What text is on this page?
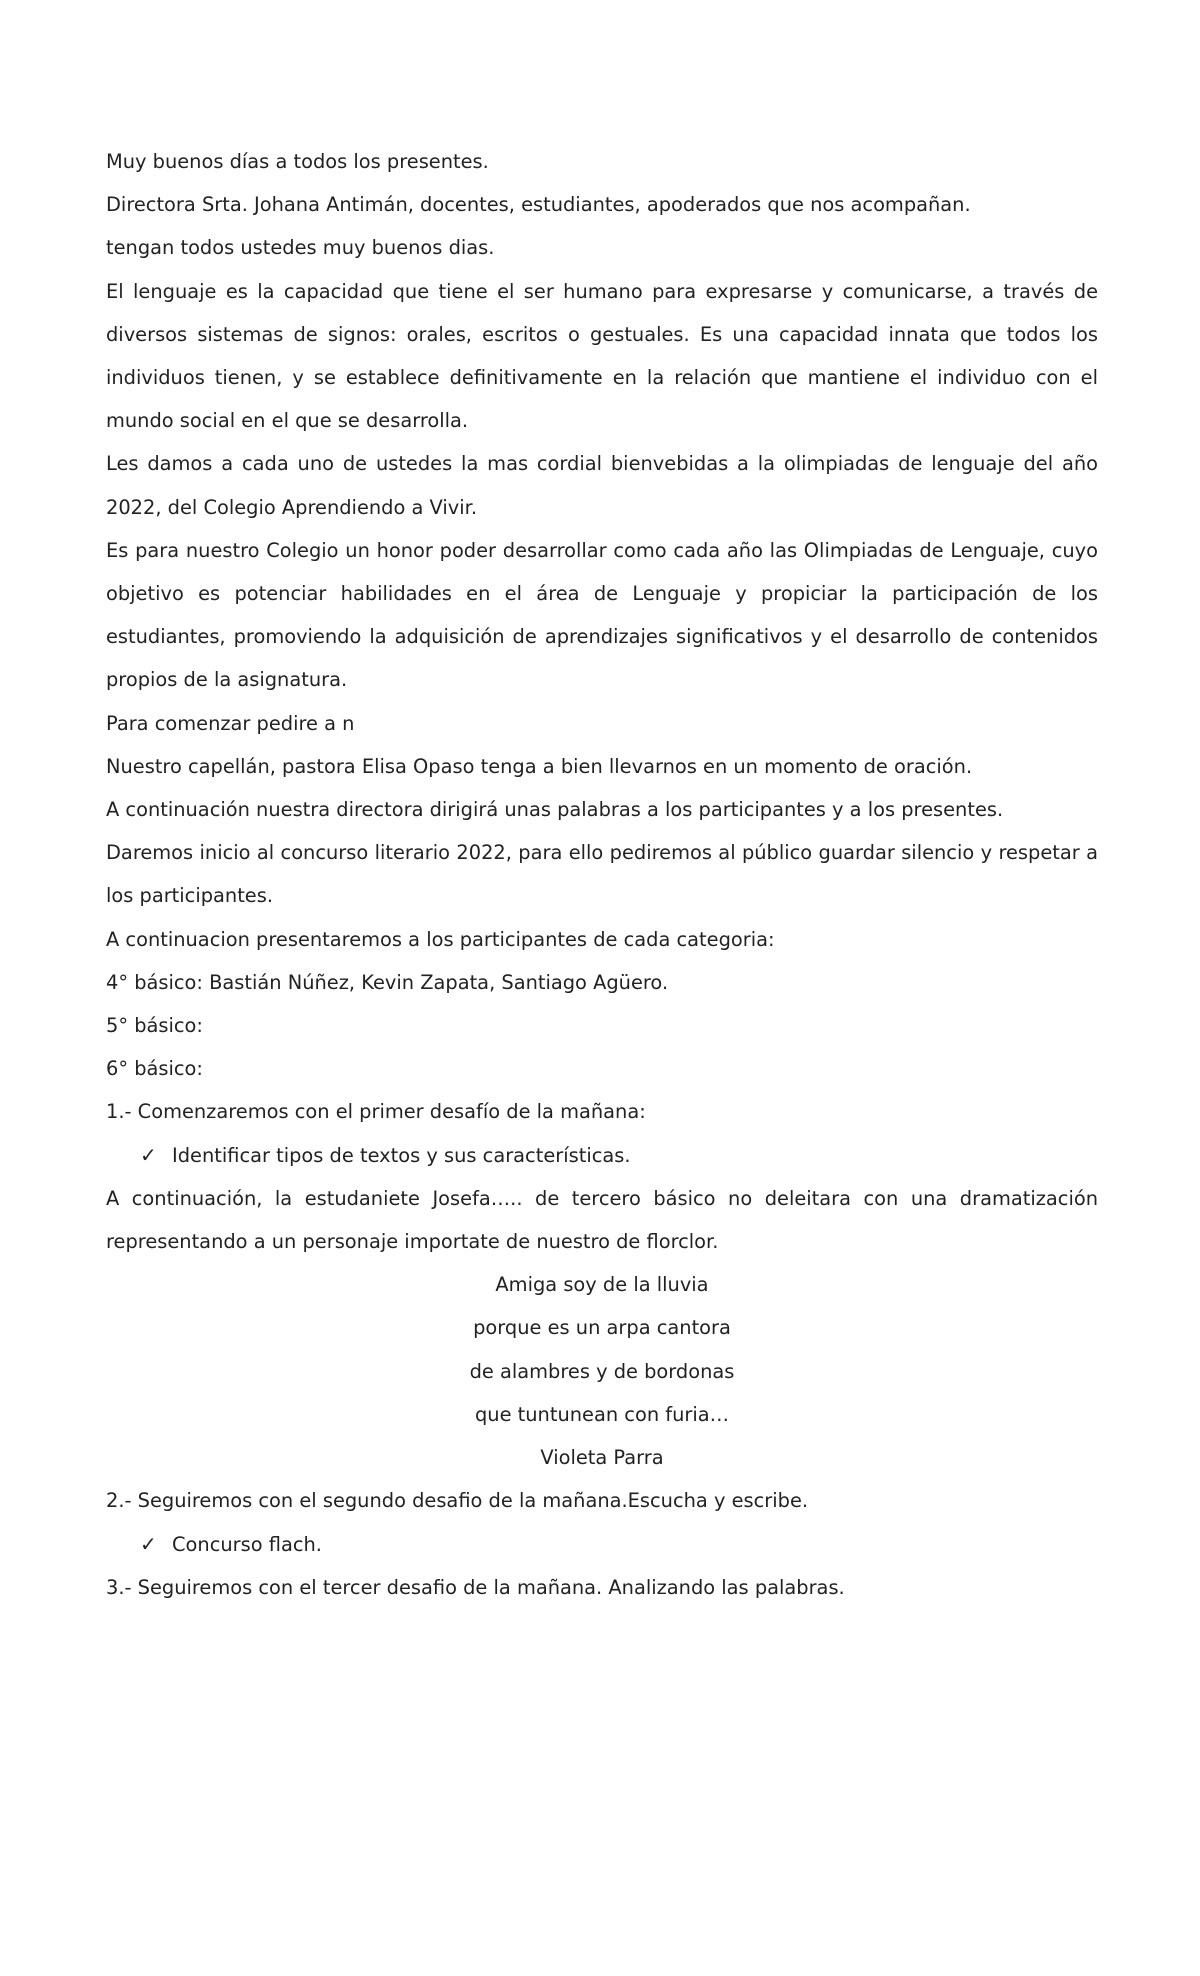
Muy buenos días a todos los presentes.

Directora Srta. Johana Antimán, docentes, estudiantes, apoderados que nos acompañan.

tengan todos ustedes muy buenos dias.

El lenguaje es la capacidad que tiene el ser humano para expresarse y comunicarse, a través de diversos sistemas de signos: orales, escritos o gestuales. Es una capacidad innata que todos los individuos tienen, y se establece definitivamente en la relación que mantiene el individuo con el mundo social en el que se desarrolla.

Les damos a cada uno de ustedes la mas cordial bienvebidas a la olimpiadas de lenguaje del año 2022, del Colegio Aprendiendo a Vivir.

Es para nuestro Colegio un honor poder desarrollar como cada año las Olimpiadas de Lenguaje, cuyo objetivo es potenciar habilidades en el área de Lenguaje y propiciar la participación de los estudiantes, promoviendo la adquisición de aprendizajes significativos y el desarrollo de contenidos propios de la asignatura.

Para comenzar pedire a n

Nuestro capellán, pastora Elisa Opaso tenga a bien llevarnos en un momento de oración.

A continuación nuestra directora dirigirá unas palabras a los participantes y a los presentes.

Daremos inicio al concurso literario 2022, para ello pediremos al público guardar silencio y respetar a los participantes.

A continuacion presentaremos a los participantes de cada categoria:

4° básico: Bastián Núñez, Kevin Zapata, Santiago Agüero.

5° básico:

6° básico:

1.- Comenzaremos con el primer desafío de la mañana:

✓ Identificar tipos de textos y sus características.

A continuación, la estudaniete Josefa….. de tercero básico no deleitara con una dramatización representando a un personaje importate de nuestro de florclor.

Amiga soy de la lluvia

porque es un arpa cantora

de alambres y de bordonas

que tuntunean con furia…

Violeta Parra

2.- Seguiremos con el segundo desafio de la mañana.Escucha y escribe.

✓ Concurso flach.

3.- Seguiremos con el tercer desafio de la mañana. Analizando las palabras.
